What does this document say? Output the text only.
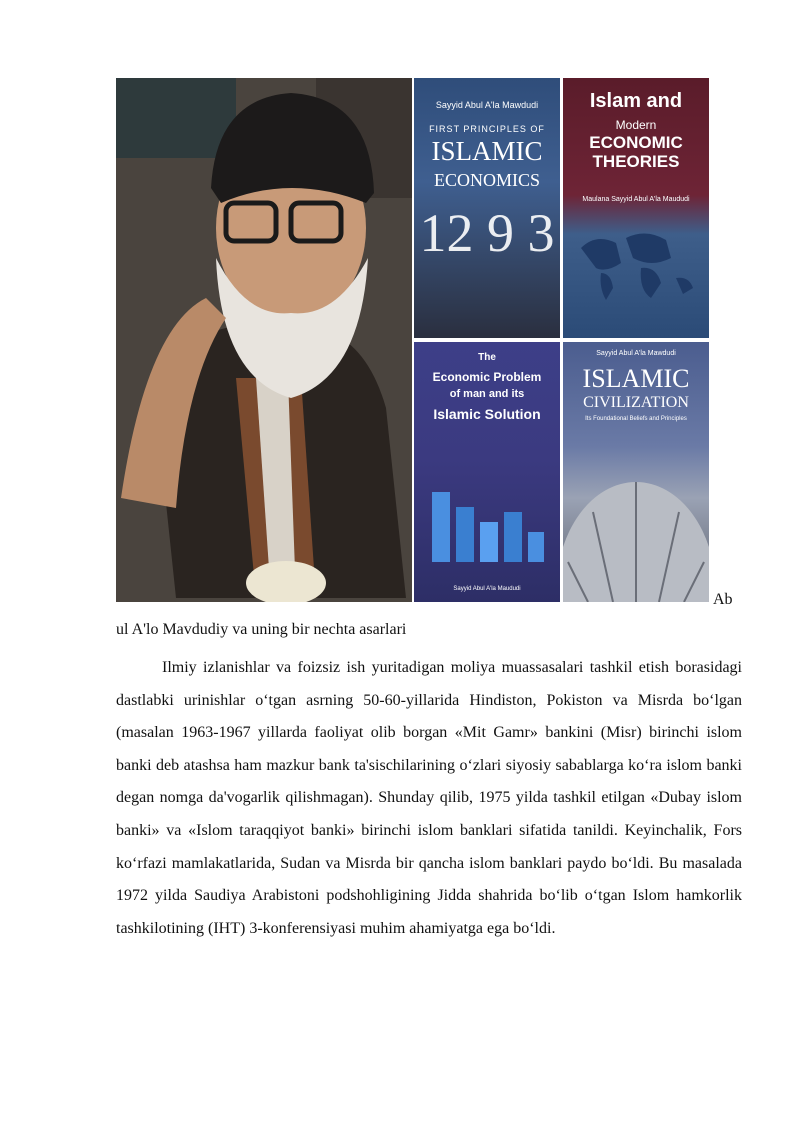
Sayyid Abul A'la Mawdudi
FIRST PRINCIPLES OF
ISLAMIC
ECONOMICS
12 9 3
Islam and
Modern
ECONOMIC THEORIES
Maulana Sayyid Abul A'la Maududi
The
Economic Problem
of man and its
Islamic Solution
Sayyid Abul A'la Maududi
Sayyid Abul A'la Mawdudi
ISLAMIC
CIVILIZATION
Its Foundational Beliefs and Principles
Ab
ul A'lo Mavdudiy va uning bir nechta asarlari

Ilmiy izlanishlar va foizsiz ish yuritadigan moliya muassasalari tashkil etish borasidagi dastlabki urinishlar o‘tgan asrning 50-60-yillarida Hindiston, Pokiston va Misrda bo‘lgan (masalan 1963-1967 yillarda faoliyat olib borgan «Mit Gamr» bankini (Misr) birinchi islom banki deb atashsa ham mazkur bank ta'sischilarining o‘zlari siyosiy sabablarga ko‘ra islom banki degan nomga da'vogarlik qilishmagan). Shunday qilib, 1975 yilda tashkil etilgan «Dubay islom banki» va «Islom taraqqiyot banki» birinchi islom banklari sifatida tanildi. Keyinchalik, Fors ko‘rfazi mamlakatlarida, Sudan va Misrda bir qancha islom banklari paydo bo‘ldi. Bu masalada 1972 yilda Saudiya Arabistoni podshohligining Jidda shahrida bo‘lib o‘tgan Islom hamkorlik tashkilotining (IHT) 3-konferensiyasi muhim ahamiyatga ega bo‘ldi.
